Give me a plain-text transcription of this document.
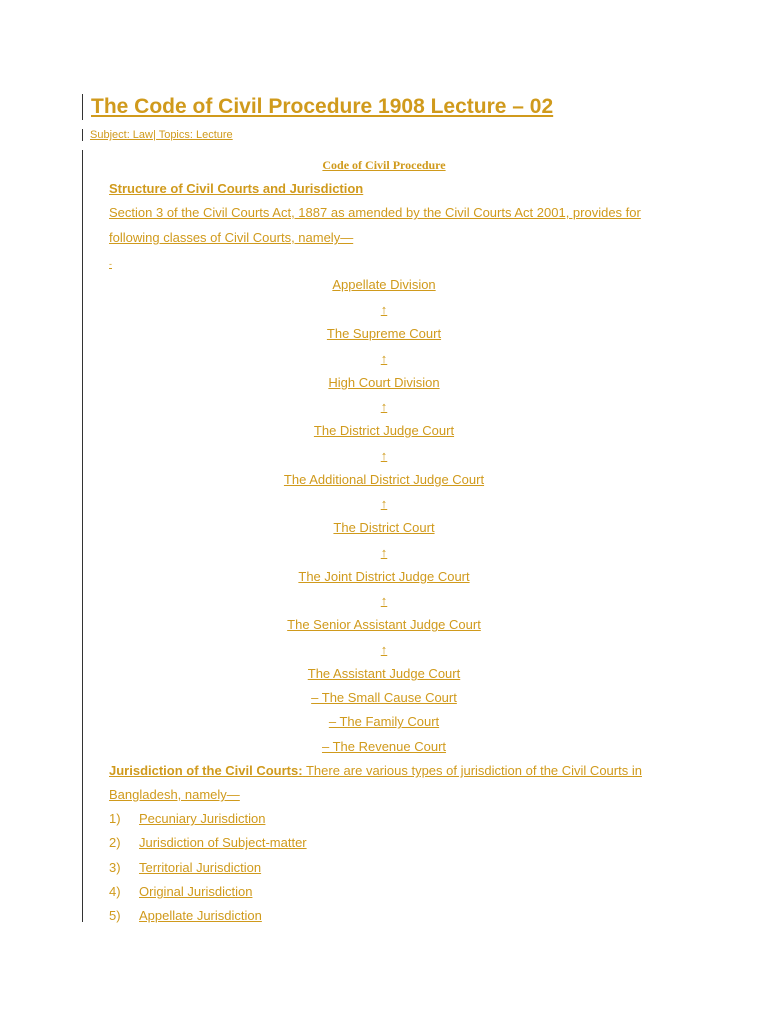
The Code of Civil Procedure 1908 Lecture – 02
Subject: Law| Topics: Lecture
Code of Civil Procedure
Structure of Civil Courts and Jurisdiction
Section 3 of the Civil Courts Act, 1887 as amended by the Civil Courts Act 2001, provides for
following classes of Civil Courts, namely—
-
Appellate Division
↑
The Supreme Court
↑
High Court Division
↑
The District Judge Court
↑
The Additional District Judge Court
↑
The District Court
↑
The Joint District Judge Court
↑
The Senior Assistant Judge Court
↑
The Assistant Judge Court
– The Small Cause Court
– The Family Court
– The Revenue Court
Jurisdiction of the Civil Courts: There are various types of jurisdiction of the Civil Courts in
Bangladesh, namely—
1) Pecuniary Jurisdiction
2) Jurisdiction of Subject-matter
3) Territorial Jurisdiction
4) Original Jurisdiction
5) Appellate Jurisdiction
